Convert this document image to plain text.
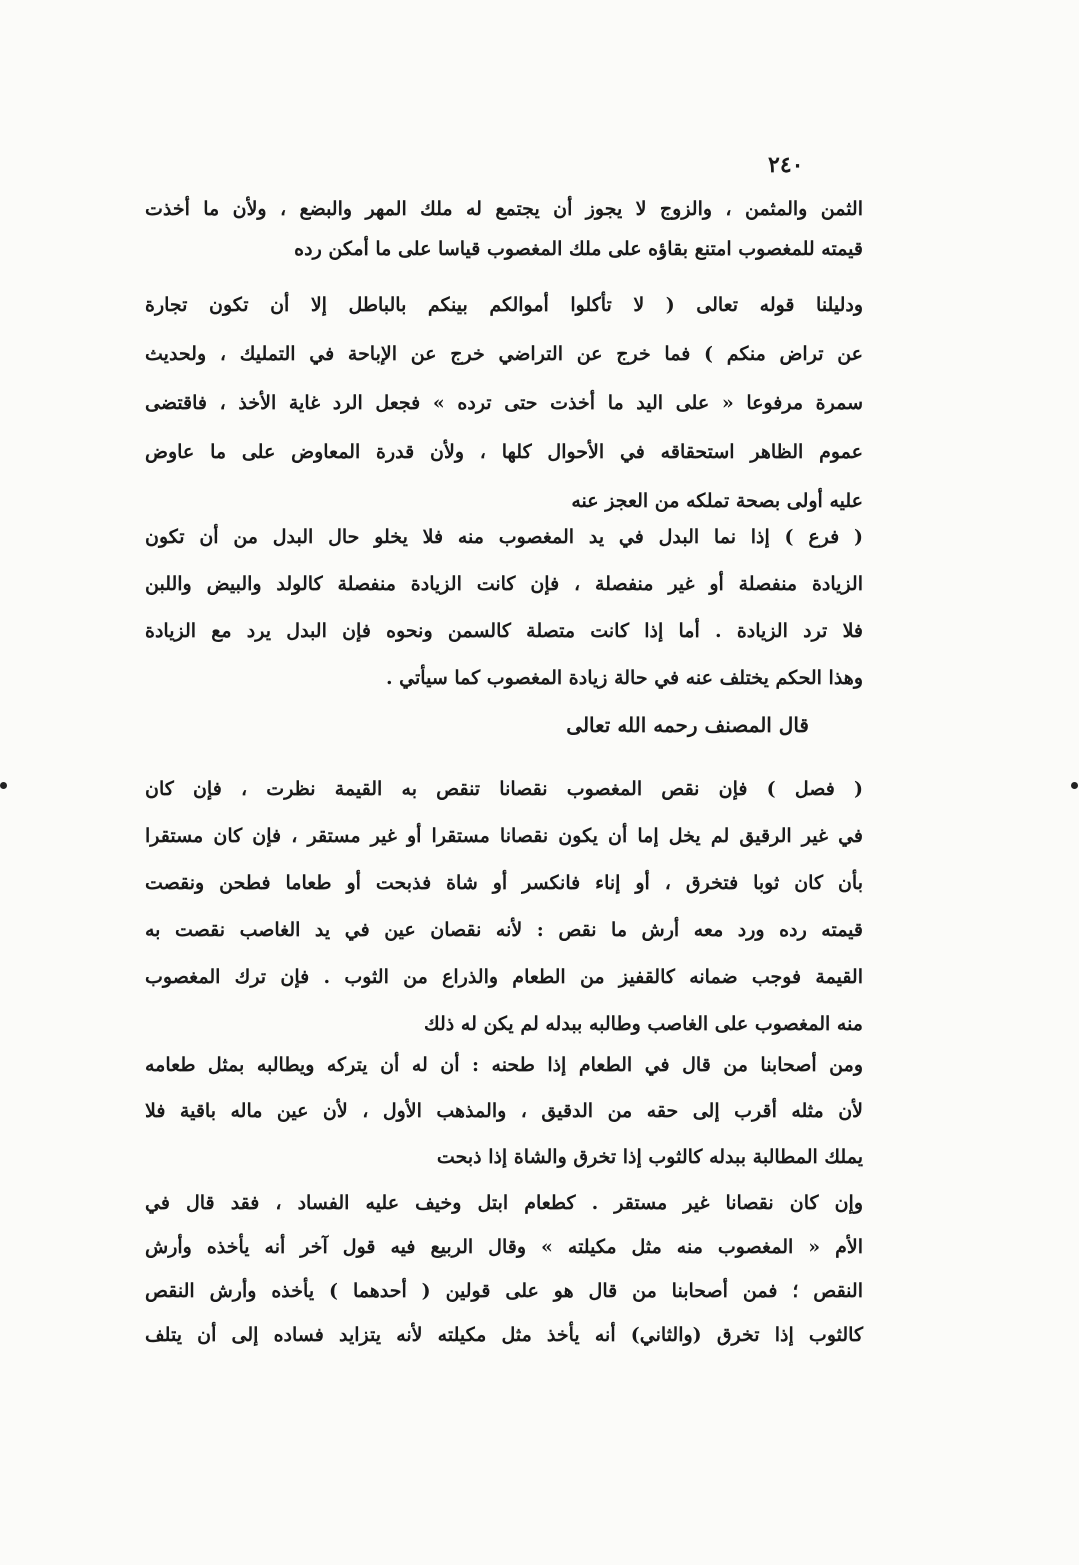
٢٤٠
الثمن والمثمن ، والزوج لا يجوز أن يجتمع له ملك المهر والبضع ، ولأن ما أخذت
قيمته للمغصوب امتنع بقاؤه على ملك المغصوب قياسا على ما أمكن رده
ودليلنا قوله تعالى ( لا تأكلوا أموالكم بينكم بالباطل إلا أن تكون تجارة
عن تراض منكم ) فما خرج عن التراضي خرج عن الإباحة في التمليك ، ولحديث
سمرة مرفوعا « على اليد ما أخذت حتى ترده » فجعل الرد غاية الأخذ ، فاقتضى
عموم الظاهر استحقاقه في الأحوال كلها ، ولأن قدرة المعاوض على ما عاوض
عليه أولى بصحة تملكه من العجز عنه
( فرع ) إذا نما البدل في يد المغصوب منه فلا يخلو حال البدل من أن تكون
الزيادة منفصلة أو غير منفصلة ، فإن كانت الزيادة منفصلة كالولد والبيض واللبن
فلا ترد الزيادة . أما إذا كانت متصلة كالسمن ونحوه فإن البدل يرد مع الزيادة
وهذا الحكم يختلف عنه في حالة زيادة المغصوب كما سيأتي .
قال المصنف رحمه الله تعالى
( فصل ) فإن نقص المغصوب نقصانا تنقص به القيمة نظرت ، فإن كان
في غير الرقيق لم يخل إما أن يكون نقصانا مستقرا أو غير مستقر ، فإن كان مستقرا
بأن كان ثوبا فتخرق ، أو إناء فانكسر أو شاة فذبحت أو طعاما فطحن ونقصت
قيمته رده ورد معه أرش ما نقص : لأنه نقصان عين في يد الغاصب نقصت به
القيمة فوجب ضمانه كالقفيز من الطعام والذراع من الثوب . فإن ترك المغصوب
منه المغصوب على الغاصب وطالبه ببدله لم يكن له ذلك
ومن أصحابنا من قال في الطعام إذا طحنه : أن له أن يتركه ويطالبه بمثل طعامه
لأن مثله أقرب إلى حقه من الدقيق ، والمذهب الأول ، لأن عين ماله باقية فلا
يملك المطالبة ببدله كالثوب إذا تخرق والشاة إذا ذبحت
وإن كان نقصانا غير مستقر . كطعام ابتل وخيف عليه الفساد ، فقد قال في
الأم « المغصوب منه مثل مكيلته » وقال الربيع فيه قول آخر أنه يأخذه وأرش
النقص ؛ فمن أصحابنا من قال هو على قولين ( أحدهما ) يأخذه وأرش النقص
كالثوب إذا تخرق (والثاني) أنه يأخذ مثل مكيلته لأنه يتزايد فساده إلى أن يتلف
